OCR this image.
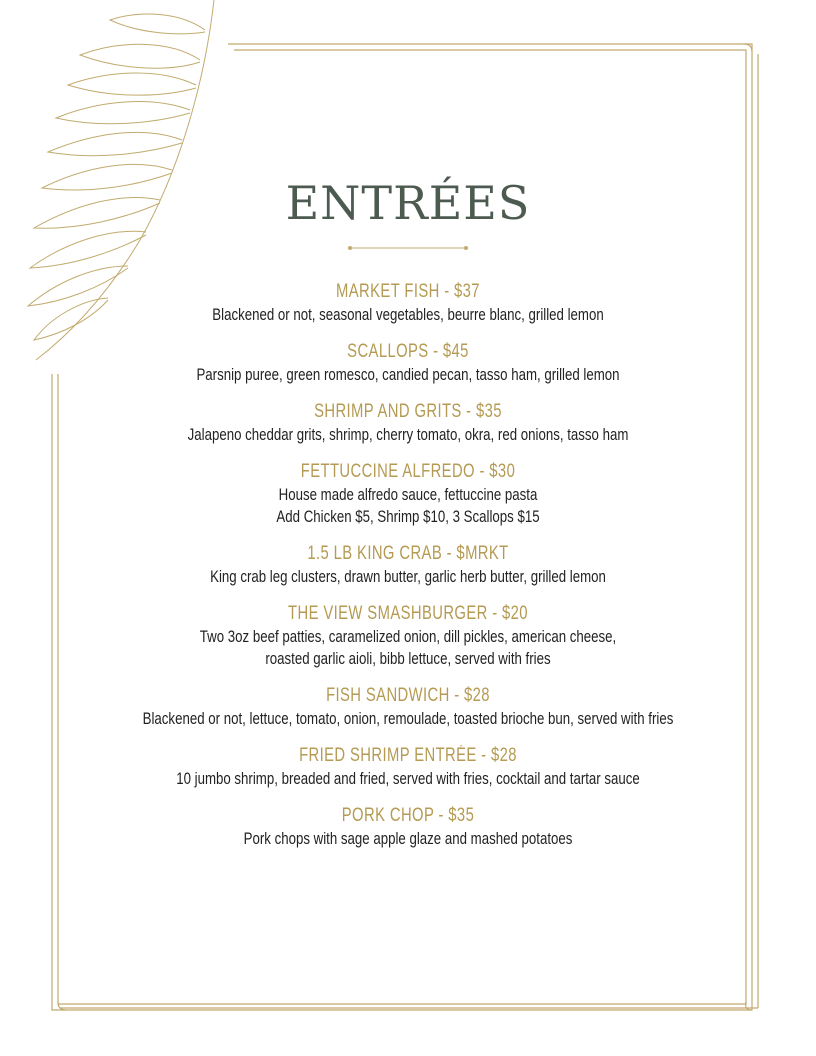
ENTRÉES
MARKET FISH - $37
Blackened or not, seasonal vegetables, beurre blanc, grilled lemon
SCALLOPS - $45
Parsnip puree, green romesco, candied pecan, tasso ham, grilled lemon
SHRIMP AND GRITS - $35
Jalapeno cheddar grits, shrimp, cherry tomato, okra, red onions, tasso ham
FETTUCCINE ALFREDO - $30
House made alfredo sauce, fettuccine pasta
Add Chicken $5, Shrimp $10, 3 Scallops $15
1.5 LB KING CRAB - $MRKT
King crab leg clusters, drawn butter, garlic herb butter, grilled lemon
THE VIEW SMASHBURGER - $20
Two 3oz beef patties, caramelized onion, dill pickles, american cheese,
roasted garlic aioli, bibb lettuce, served with fries
FISH SANDWICH - $28
Blackened or not, lettuce, tomato, onion, remoulade, toasted brioche bun, served with fries
FRIED SHRIMP ENTRÉE - $28
10 jumbo shrimp, breaded and fried, served with fries, cocktail and tartar sauce
PORK CHOP - $35
Pork chops with sage apple glaze and mashed potatoes
